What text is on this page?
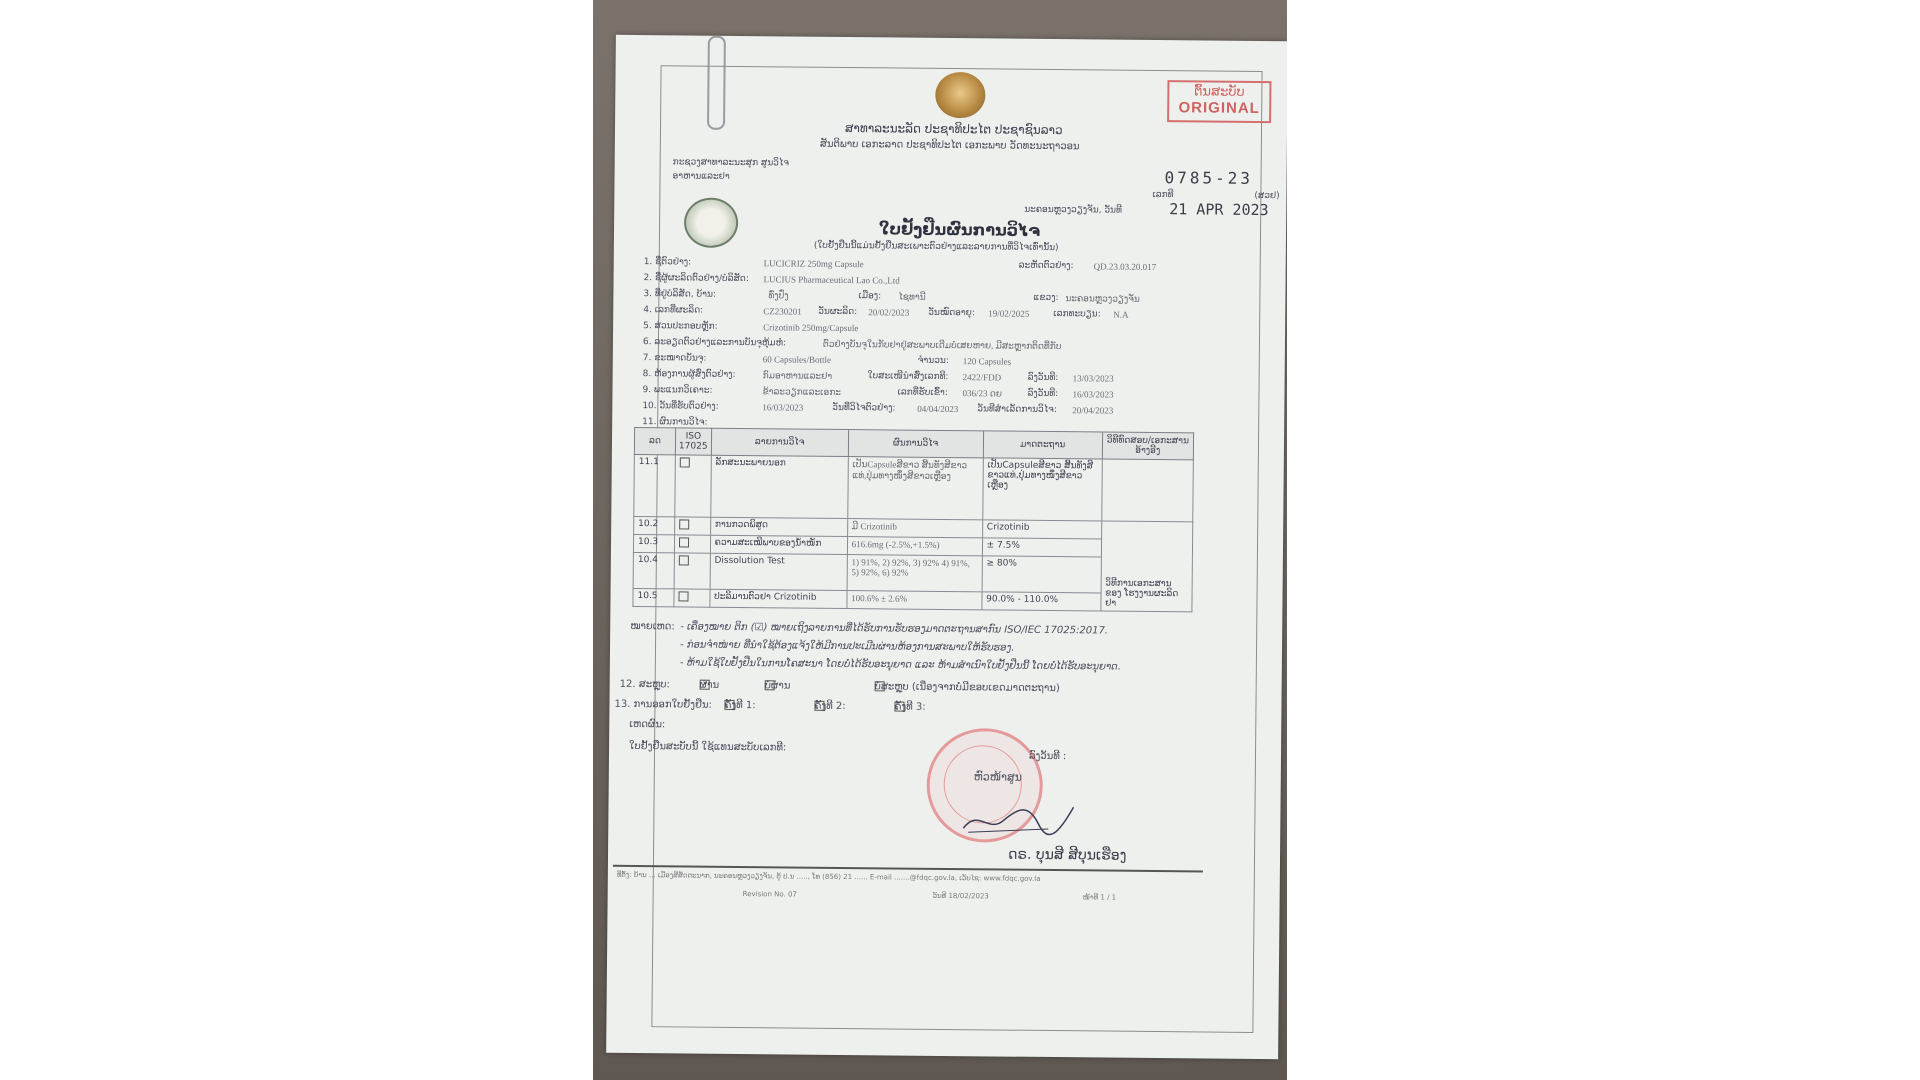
ຕົ້ນສະບັບ
ORIGINAL
ສາທາລະນະລັດ ປະຊາທິປະໄຕ ປະຊາຊົນລາວ
ສັນຕິພາບ ເອກະລາດ ປະຊາທິປະໄຕ ເອກະພາບ ວັດທະນະຖາວອນ
ກະຊວງສາທາລະນະສຸກ ສູນວິໄຈອາຫານແລະຢາ	0785-23
ເລກທີ	(ສວຢ)
ນະຄອນຫຼວງວຽງຈັນ, ວັນທີ	21 APR 2023
ໃບຢັ້ງຢືນຜົນການວິໄຈ
(ໃບຢັ້ງຢືນນີ້ແມ່ນຢັ້ງຢືນສະເພາະຕົວຢ່າງແລະລາຍການທີ່ວິໄຈເທົ່ານັ້ນ)
1. ຊື່ຕົວຢ່າງ:	LUCICRIZ 250mg Capsule	ລະຫັດຕົວຢ່າງ: QD.23.03.20.017
2. ຊື່ຜູ້ຜະລິດຕົວຢ່າງ/ບໍລິສັດ: LUCIUS Pharmaceutical Lao Co.,Ltd
3. ທີ່ຢູ່ບໍລິສັດ, ບ້ານ:	ທົ່ງປົ່ງ	ເມືອງ: ໄຊທານີ	ແຂວງ: ນະຄອນຫຼວງວຽງຈັນ
4. ເລກທີ່ຜະລິດ:	CZ230201 ວັນຜະລິດ: 20/02/2023 ວັນໝົດອາຍຸ: 19/02/2025	ເລກທະບຽນ: N.A
5. ສ່ວນປະກອບຫຼັກ:	Crizotinib 250mg/Capsule
6. ລະອຽດຕົວຢ່າງແລະການບັນຈຸຫຸ້ມຫໍ່:	ຕົວຢ່າງບັນຈຸໃນກັບຢາຢູ່ສະພາບເດີມບໍ່ເສຍຫາຍ, ມີສະຫຼາກຕິດທີ່ກັບ
7. ຂະໜາດບັນຈຸ:	60 Capsules/Bottle	ຈຳນວນ: 120 Capsules
8. ຫ້ອງການຜູ້ສົ່ງຕົວຢ່າງ:	ກົມອາຫານແລະຢາ	ໃບສະເໜີນຳສົ່ງເລກທີ: 2422/FDD	ລົງວັນທີ: 13/03/2023
9. ພະແນກວິເຄາະ:	ຂ້າລະວຽກແລະເອກະ	ເລກທີ່ຮັບເຂົ້າ: 036/23 ດຍ	ລົງວັນທີ: 16/03/2023
10. ວັນທີ່ຮັບຕົວຢ່າງ:	16/03/2023	ວັນທີ່ວິໄຈຕົວຢ່າງ: 04/04/2023 ວັນທີສຳເລັດການວິໄຈ: 20/04/2023
11. ຜົນການວິໄຈ:
ລດ	ISO 17025	ລາຍການວິໄຈ	ຜົນການວິໄຈ	ມາດຕະຖານ	ວິທີທົດສອບ/ເອກະສານອ້າງອີງ
11.1		ລັກສະນະພາຍນອກ	ເປັນCapsuleສີຂາວ ສີ້ນທັງສີຂາວແທ່,ປຸ່ມທາງໜຶ່ງສີຂາວເຫຼືອງ	ເປັນCapsuleສີຂາວ ສີ້ນທັງສີຂາວແທ່,ປຸ່ມທາງໜຶ່ງສີຂາວເຫຼືອງ	
10.2		ການກວດພິສູດ	ມີ Crizotinib	Crizotinib	ວິທີການເອກະສານຂອງ ໂຮງງານຜະລິດຢາ
10.3		ຄວາມສະເໝີພາບຂອງນ້ຳໜັກ	616.6mg (-2.5%,+1.5%)	± 7.5%	
10.4		Dissolution Test	1) 91%, 2) 92%, 3) 92% 4) 91%, 5) 92%, 6) 92%	≥ 80%	
10.5		ປະລິມານຕົວຢາ Crizotinib	100.6% ± 2.6%	90.0% - 110.0%	
ໝາຍເຫດ: - ເຄື່ອງໝາຍ ຕິກ (☑) ໝາຍເຖິງລາຍການທີ່ໄດ້ຮັບການຮັບຮອງມາດຕະຖານສາກົນ ISO/IEC 17025:2017.
- ກ່ອນຈຳໜ່າຍ ທີ່ນຳໃຊ້ຕ້ອງແຈ້ງໃຫ້ມີການປະເມີນຜ່ານຫ້ອງການສະພາບໃຫ້ຮັບຮອງ.
- ຫ້າມໃຊ້ໃບຢັ້ງຢືນໃນການໂຄສະນາ ໂດຍບໍ່ໄດ້ຮັບອະນຸຍາດ ແລະ ຫ້າມສຳເນົາໃບຢັ້ງຢືນນີ້ ໂດຍບໍ່ໄດ້ຮັບອະນຸຍາດ.
12. ສະຫຼຸບ: ✓	ຜ່ານ	ບໍ່ຜ່ານ	ບໍ່ສະຫຼຸບ (ເນື່ອງຈາກບໍ່ມີຂອບເຂດມາດຕະຖານ)
13. ການອອກໃບຢັ້ງຢືນ: ຄັ້ງທີ 1:	ຄັ້ງທີ 2:	ຄັ້ງທີ 3:
ເຫດຜົນ:
ໃບຢັ້ງຢືນສະບັບນີ້ ໃຊ້ແທນສະບັບເລກທີ:
ລົງວັນທີ :
ຫົວໜ້າສູນ
ດຣ. ບຸນສີ ສີບຸນເຮືອງ
ທີ່ຕັ້ງ: ບ້ານ ... ເມືອງສີສັດຕະນາກ, ນະຄອນຫຼວງວຽງຈັນ, ຕູ້ ປ.ນ ....., ໂທ (856) 21 ...... E-mail .......@fdqc.gov.la, ເວັບໄຊ: www.fdqc.gov.la
Revision No. 07	ວັນທີ 18/02/2023	ໜ້າທີ 1 / 1
